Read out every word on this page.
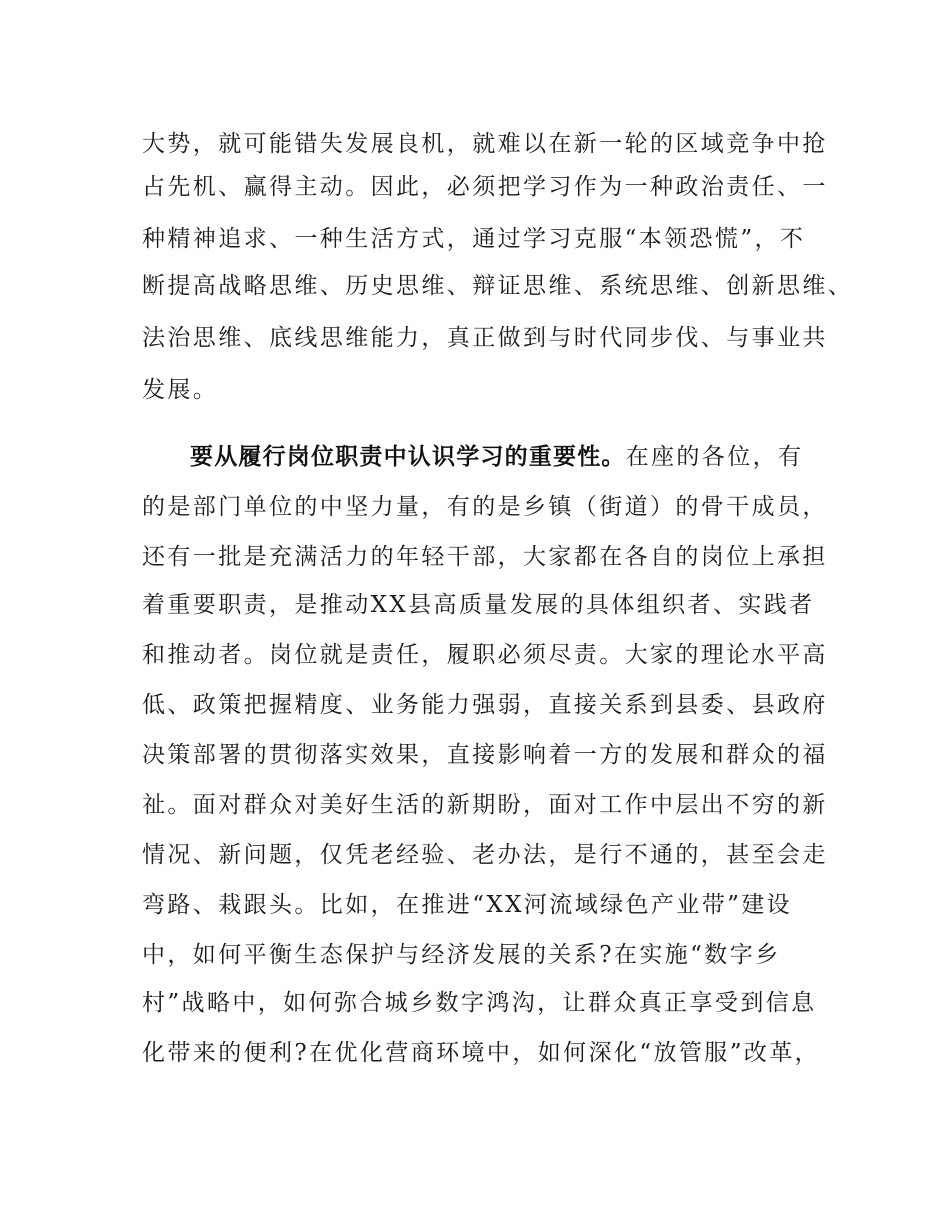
大势，就可能错失发展良机，就难以在新一轮的区域竞争中抢
占先机、赢得主动。因此，必须把学习作为一种政治责任、一
种精神追求、一种生活方式，通过学习克服“本领恐慌”，不
断提高战略思维、历史思维、辩证思维、系统思维、创新思维、
法治思维、底线思维能力，真正做到与时代同步伐、与事业共
发展。
要从履行岗位职责中认识学习的重要性。在座的各位，有
的是部门单位的中坚力量，有的是乡镇（街道）的骨干成员，
还有一批是充满活力的年轻干部，大家都在各自的岗位上承担
着重要职责，是推动XX县高质量发展的具体组织者、实践者
和推动者。岗位就是责任，履职必须尽责。大家的理论水平高
低、政策把握精度、业务能力强弱，直接关系到县委、县政府
决策部署的贯彻落实效果，直接影响着一方的发展和群众的福
祉。面对群众对美好生活的新期盼，面对工作中层出不穷的新
情况、新问题，仅凭老经验、老办法，是行不通的，甚至会走
弯路、栽跟头。比如，在推进“XX河流域绿色产业带”建设
中，如何平衡生态保护与经济发展的关系?在实施“数字乡
村”战略中，如何弥合城乡数字鸿沟，让群众真正享受到信息
化带来的便利?在优化营商环境中，如何深化“放管服”改革，
